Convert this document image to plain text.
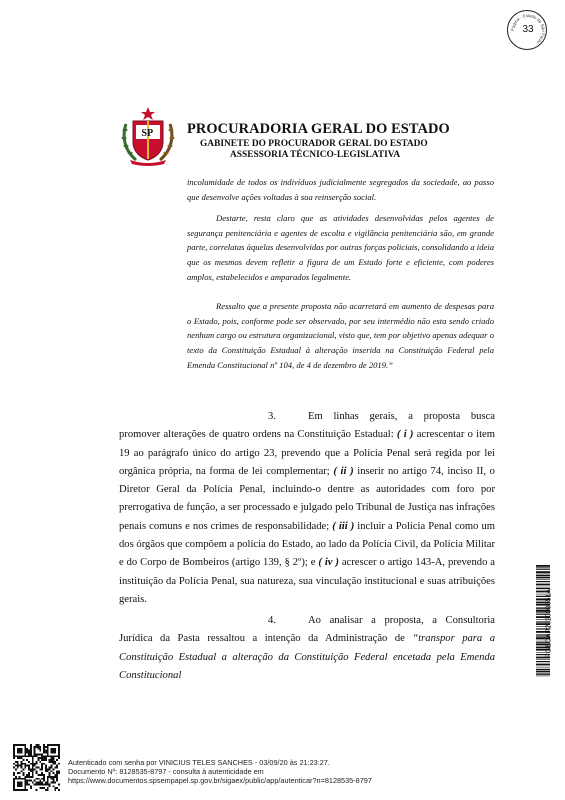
Página · Estado de São Paulo
33
SP PROCURADORIA GERAL DO ESTADO
GABINETE DO PROCURADOR GERAL DO ESTADO
ASSESSORIA TÉCNICO-LEGISLATIVA

incolumidade de todos os indivíduos judicialmente segregados da sociedade, ao passo que desenvolve ações voltadas à sua reinserção social.

Destarte, resta claro que as atividades desenvolvidas pelos agentes de segurança penitenciária e agentes de escolta e vigilância penitenciária são, em grande parte, correlatas àquelas desenvolvidas por outras forças policiais, consolidando a ideia que os mesmos devem refletir a figura de um Estado forte e eficiente, com poderes amplos, estabelecidos e amparados legalmente.

Ressalto que a presente proposta não acarretará em aumento de despesas para o Estado, pois, conforme pode ser observado, por seu intermédio não esta sendo criado nenhum cargo ou estrutura organizacional, visto que, tem por objetivo apenas adequar o texto da Constituição Estadual à alteração inserida na Constituição Federal pela Emenda Constitucional nº 104, de 4 de dezembro de 2019.”

3.	Em linhas gerais, a proposta busca promover alterações de quatro ordens na Constituição Estadual: ( i ) acrescentar o item 19 ao parágrafo único do artigo 23, prevendo que a Polícia Penal será regida por lei orgânica própria, na forma de lei complementar; ( ii ) inserir no artigo 74, inciso II, o Diretor Geral da Polícia Penal, incluindo-o dentre as autoridades com foro por prerrogativa de função, a ser processado e julgado pelo Tribunal de Justiça nas infrações penais comuns e nos crimes de responsabilidade; ( iii ) incluir a Polícia Penal como um dos órgãos que compõem a polícia do Estado, ao lado da Polícia Civil, da Polícia Militar e do Corpo de Bombeiros (artigo 139, § 2º); e ( iv ) acrescer o artigo 143-A, prevendo a instituição da Polícia Penal, sua natureza, sua vinculação institucional e suas atribuições gerais.

4.	Ao analisar a proposta, a Consultoria Jurídica da Pasta ressaltou a intenção da Administração de “transpor para a Constituição Estadual a alteração da Constituição Federal encetada pela Emenda Constitucional

PGECAP202009651A
Autenticado com senha por VINICIUS TELES SANCHES - 03/09/20 às 21:23:27.
Documento Nº: 8128535-8797 - consulta à autenticidade em
https://www.documentos.spsempapel.sp.gov.br/sigaex/public/app/autenticar?n=8128535-8797
